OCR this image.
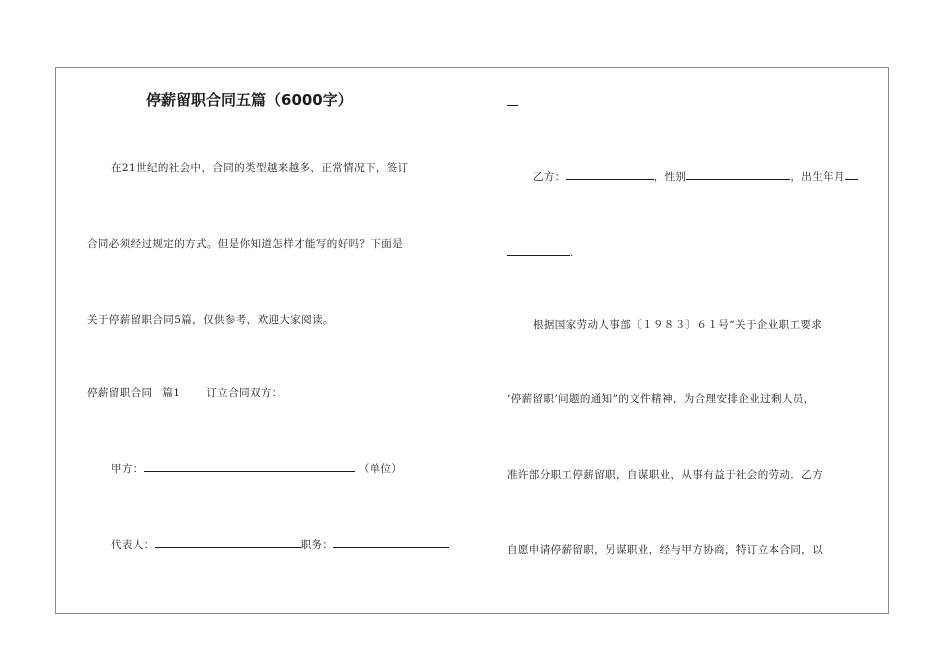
停薪留职合同五篇（6000字）
在21世纪的社会中，合同的类型越来越多，正常情况下，签订
合同必须经过规定的方式。但是你知道怎样才能写的好吗？下面是
关于停薪留职合同5篇，仅供参考，欢迎大家阅读。
停薪留职合同 篇1 订立合同双方：
甲方：	（单位）
代表人：	职务：
乙方：	，性别	，出生年月
.
根据国家劳动人事部〔１９８３〕６１号“关于企业职工要求
‘停薪留职’问题的通知”的文件精神，为合理安排企业过剩人员，
准许部分职工停薪留职，自谋职业，从事有益于社会的劳动．乙方
自愿申请停薪留职，另谋职业，经与甲方协商，特订立本合同，以
